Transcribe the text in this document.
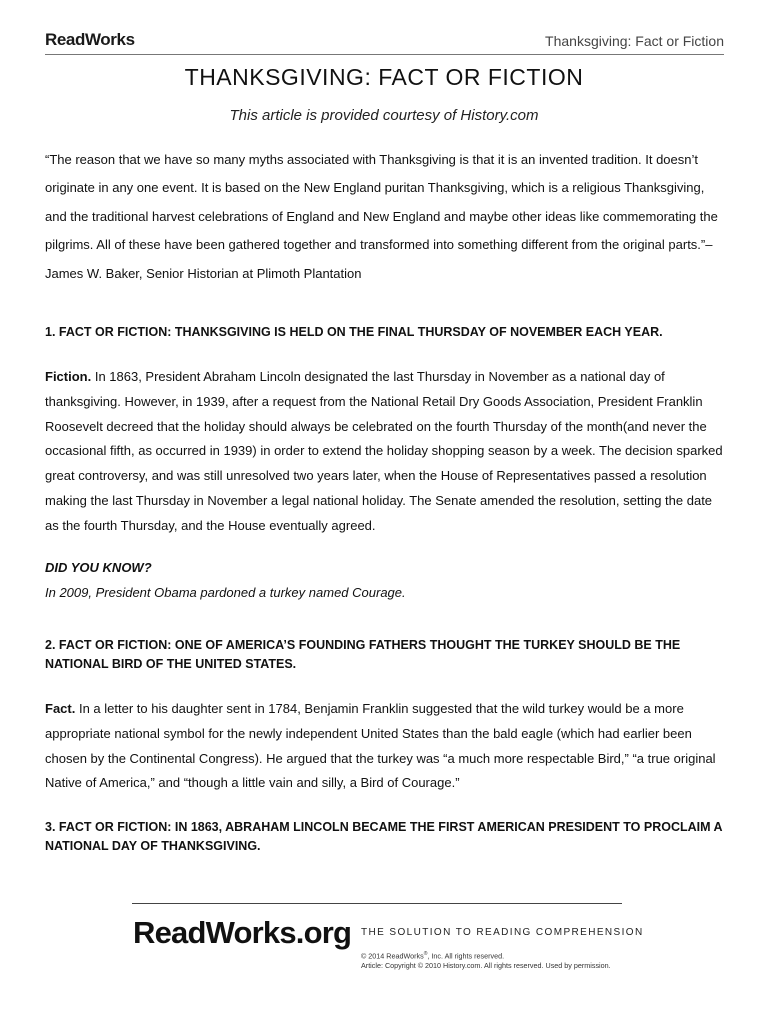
ReadWorks	Thanksgiving: Fact or Fiction
THANKSGIVING: FACT OR FICTION
This article is provided courtesy of History.com
“The reason that we have so many myths associated with Thanksgiving is that it is an invented tradition. It doesn’t originate in any one event. It is based on the New England puritan Thanksgiving, which is a religious Thanksgiving, and the traditional harvest celebrations of England and New England and maybe other ideas like commemorating the pilgrims. All of these have been gathered together and transformed into something different from the original parts.”–James W. Baker, Senior Historian at Plimoth Plantation
1. FACT OR FICTION: THANKSGIVING IS HELD ON THE FINAL THURSDAY OF NOVEMBER EACH YEAR.
Fiction. In 1863, President Abraham Lincoln designated the last Thursday in November as a national day of thanksgiving. However, in 1939, after a request from the National Retail Dry Goods Association, President Franklin Roosevelt decreed that the holiday should always be celebrated on the fourth Thursday of the month(and never the occasional fifth, as occurred in 1939) in order to extend the holiday shopping season by a week. The decision sparked great controversy, and was still unresolved two years later, when the House of Representatives passed a resolution making the last Thursday in November a legal national holiday. The Senate amended the resolution, setting the date as the fourth Thursday, and the House eventually agreed.
DID YOU KNOW?
In 2009, President Obama pardoned a turkey named Courage.
2. FACT OR FICTION: ONE OF AMERICA’S FOUNDING FATHERS THOUGHT THE TURKEY SHOULD BE THE NATIONAL BIRD OF THE UNITED STATES.
Fact. In a letter to his daughter sent in 1784, Benjamin Franklin suggested that the wild turkey would be a more appropriate national symbol for the newly independent United States than the bald eagle (which had earlier been chosen by the Continental Congress). He argued that the turkey was “a much more respectable Bird,” “a true original Native of America,” and “though a little vain and silly, a Bird of Courage.”
3. FACT OR FICTION: IN 1863, ABRAHAM LINCOLN BECAME THE FIRST AMERICAN PRESIDENT TO PROCLAIM A NATIONAL DAY OF THANKSGIVING.
ReadWorks.org THE SOLUTION TO READING COMPREHENSION
© 2014 ReadWorks®, Inc. All rights reserved.
Article: Copyright © 2010 History.com. All rights reserved. Used by permission.
